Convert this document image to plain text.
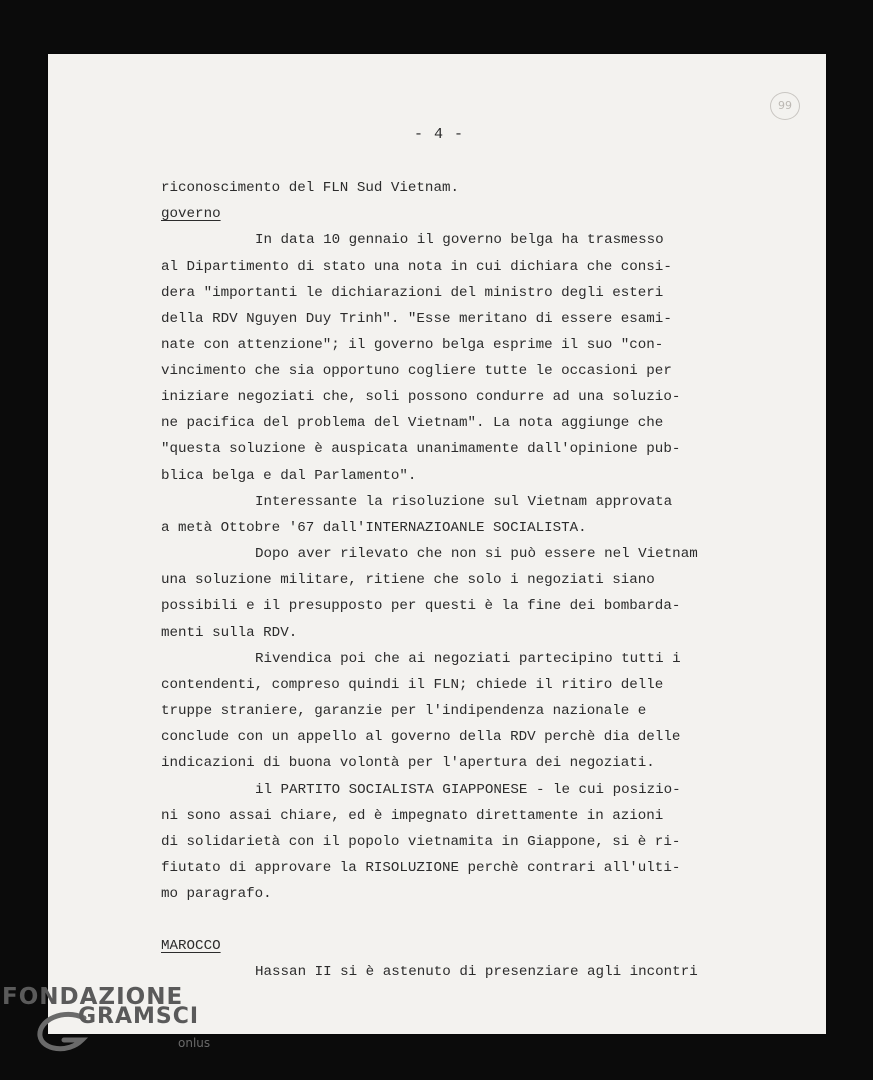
99
- 4 -
riconoscimento del FLN Sud Vietnam.
governo
In data 10 gennaio il governo belga ha trasmesso
al Dipartimento di stato una nota in cui dichiara che consi-
dera "importanti le dichiarazioni del ministro degli esteri
della RDV Nguyen Duy Trinh". "Esse meritano di essere esami-
nate con attenzione"; il governo belga esprime il suo "con-
vincimento che sia opportuno cogliere tutte le occasioni per
iniziare negoziati che, soli possono condurre ad una soluzio-
ne pacifica del problema del Vietnam". La nota aggiunge che
"questa soluzione è auspicata unanimamente dall'opinione pub-
blica belga e dal Parlamento".
Interessante la risoluzione sul Vietnam approvata
a metà Ottobre '67 dall'INTERNAZIOANLE SOCIALISTA.
Dopo aver rilevato che non si può essere nel Vietnam
una soluzione militare, ritiene che solo i negoziati siano
possibili e il presupposto per questi è la fine dei bombarda-
menti sulla RDV.
Rivendica poi che ai negoziati partecipino tutti i
contendenti, compreso quindi il FLN; chiede il ritiro delle
truppe straniere, garanzie per l'indipendenza nazionale e
conclude con un appello al governo della RDV perchè dia delle
indicazioni di buona volontà per l'apertura dei negoziati.
il PARTITO SOCIALISTA GIAPPONESE - le cui posizio-
ni sono assai chiare, ed è impegnato direttamente in azioni
di solidarietà con il popolo vietnamita in Giappone, si è ri-
fiutato di approvare la RISOLUZIONE perchè contrari all'ulti-
mo paragrafo.
MAROCCO
Hassan II si è astenuto di presenziare agli incontri
FONDAZIONE
GRAMSCI
onlus
